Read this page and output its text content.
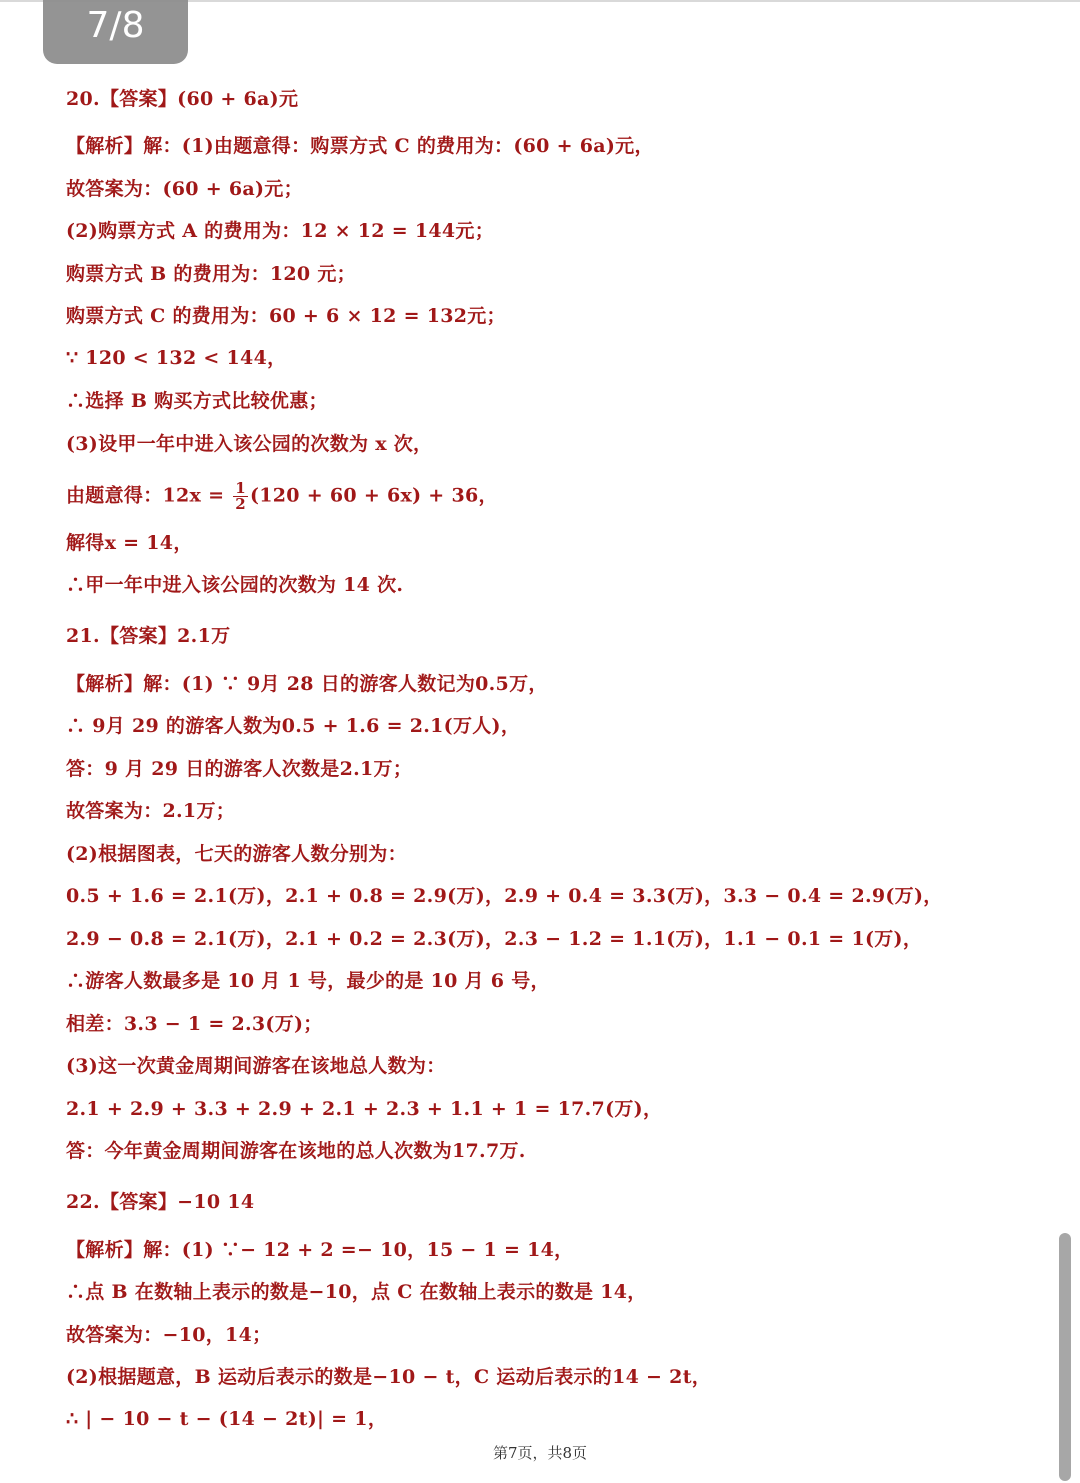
7/8
20.【答案】(60 + 6a)元
【解析】解：(1)由题意得：购票方式 C 的费用为：(60 + 6a)元，
故答案为：(60 + 6a)元；
(2)购票方式 A 的费用为：12 × 12 = 144元；
购票方式 B 的费用为：120 元；
购票方式 C 的费用为：60 + 6 × 12 = 132元；
∵ 120 < 132 < 144，
∴选择 B 购买方式比较优惠；
(3)设甲一年中进入该公园的次数为 x 次，
由题意得：$12x = \frac{1}{2} (120 + 60 + 6x) + 36$，
解得x = 14，
∴甲一年中进入该公园的次数为 14 次.
21.【答案】2.1万
【解析】解：(1) ∵ 9月 28 日的游客人数记为0.5万，
∴ 9月 29 的游客人数为0.5 + 1.6 = 2.1(万人)，
答：9 月 29 日的游客人次数是2.1万；
故答案为：2.1万；
(2)根据图表，七天的游客人数分别为：
0.5 + 1.6 = 2.1(万)，2.1 + 0.8 = 2.9(万)，2.9 + 0.4 = 3.3(万)，3.3 − 0.4 = 2.9(万)，
2.9 − 0.8 = 2.1(万)，2.1 + 0.2 = 2.3(万)，2.3 − 1.2 = 1.1(万)，1.1 − 0.1 = 1(万)，
∴游客人数最多是 10 月 1 号，最少的是 10 月 6 号，
相差：3.3 − 1 = 2.3(万)；
(3)这一次黄金周期间游客在该地总人数为：
2.1 + 2.9 + 3.3 + 2.9 + 2.1 + 2.3 + 1.1 + 1 = 17.7(万)，
答：今年黄金周期间游客在该地的总人次数为17.7万.
22.【答案】−10 14
【解析】解：(1) ∵− 12 + 2 =− 10，15 − 1 = 14，
∴点 B 在数轴上表示的数是−10，点 C 在数轴上表示的数是 14，
故答案为：−10，14；
(2)根据题意，B 运动后表示的数是−10 − t，C 运动后表示的14 − 2t，
∴ | − 10 − t − (14 − 2t)| = 1，
第7页，共8页
